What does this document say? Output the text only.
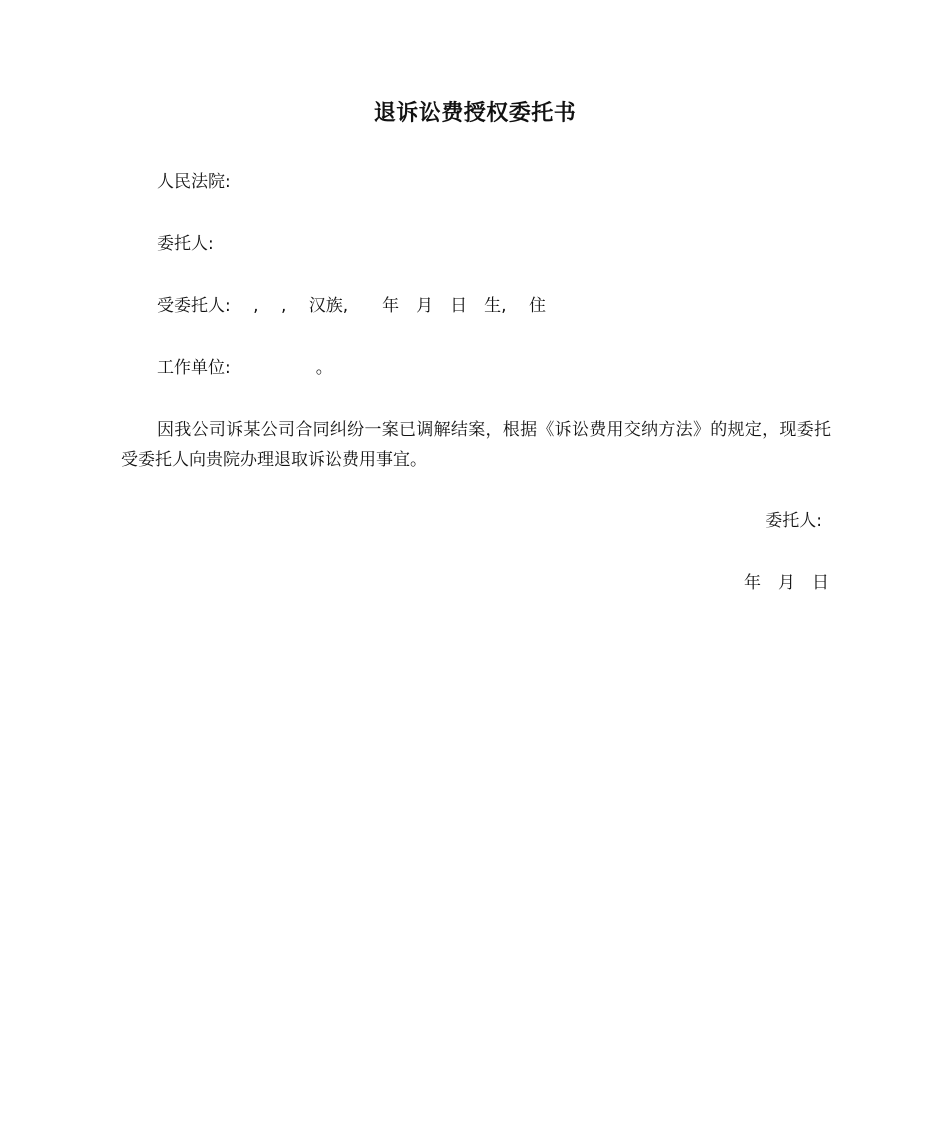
退诉讼费授权委托书
人民法院:
委托人:
受委托人:　 ,　 ,　 汉族,　　年　月　日　生,　 住
工作单位:　　　　　。
因我公司诉某公司合同纠纷一案已调解结案，根据《诉讼费用交纳方法》的规定，现委托受委托人向贵院办理退取诉讼费用事宜。
委托人:
年　月　日
